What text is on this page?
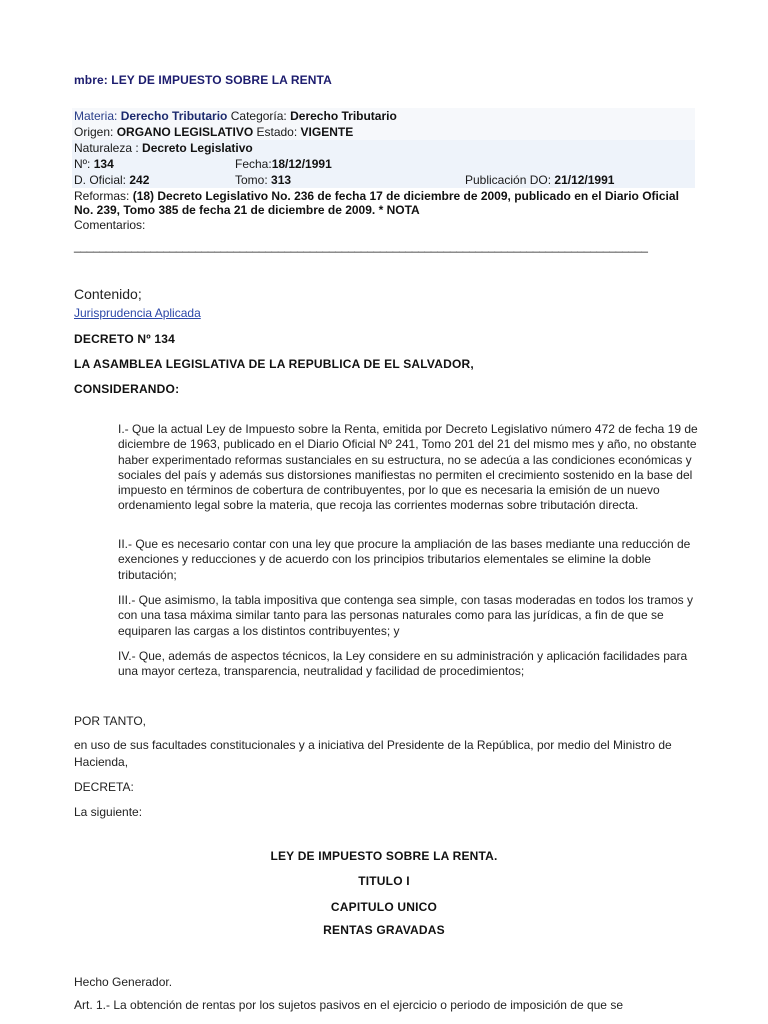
mbre: LEY DE IMPUESTO SOBRE LA RENTA
Materia: Derecho Tributario Categoría: Derecho Tributario
Origen: ORGANO LEGISLATIVO Estado: VIGENTE
Naturaleza : Decreto Legislativo
Nº: 134	Fecha:18/12/1991
D. Oficial: 242	Tomo: 313	Publicación DO: 21/12/1991
Reformas: (18) Decreto Legislativo No. 236 de fecha 17 de diciembre de 2009, publicado en el Diario Oficial No. 239, Tomo 385 de fecha 21 de diciembre de 2009. * NOTA
Comentarios:
__________________________________________________________________________________________
Contenido;
Jurisprudencia Aplicada
DECRETO Nº 134
LA ASAMBLEA LEGISLATIVA DE LA REPUBLICA DE EL SALVADOR,
CONSIDERANDO:
I.- Que la actual Ley de Impuesto sobre la Renta, emitida por Decreto Legislativo número 472 de fecha 19 de diciembre de 1963, publicado en el Diario Oficial Nº 241, Tomo 201 del 21 del mismo mes y año, no obstante haber experimentado reformas sustanciales en su estructura, no se adecúa a las condiciones económicas y sociales del país y además sus distorsiones manifiestas no permiten el crecimiento sostenido en la base del impuesto en términos de cobertura de contribuyentes, por lo que es necesaria la emisión de un nuevo ordenamiento legal sobre la materia, que recoja las corrientes modernas sobre tributación directa.
II.- Que es necesario contar con una ley que procure la ampliación de las bases mediante una reducción de exenciones y reducciones y de acuerdo con los principios tributarios elementales se elimine la doble tributación;
III.- Que asimismo, la tabla impositiva que contenga sea simple, con tasas moderadas en todos los tramos y con una tasa máxima similar tanto para las personas naturales como para las jurídicas, a fin de que se equiparen las cargas a los distintos contribuyentes; y
IV.- Que, además de aspectos técnicos, la Ley considere en su administración y aplicación facilidades para una mayor certeza, transparencia, neutralidad y facilidad de procedimientos;
POR TANTO,
en uso de sus facultades constitucionales y a iniciativa del Presidente de la República, por medio del Ministro de Hacienda,
DECRETA:
La siguiente:
LEY DE IMPUESTO SOBRE LA RENTA.
TITULO I
CAPITULO UNICO
RENTAS GRAVADAS
Hecho Generador.
Art. 1.- La obtención de rentas por los sujetos pasivos en el ejercicio o periodo de imposición de que se
